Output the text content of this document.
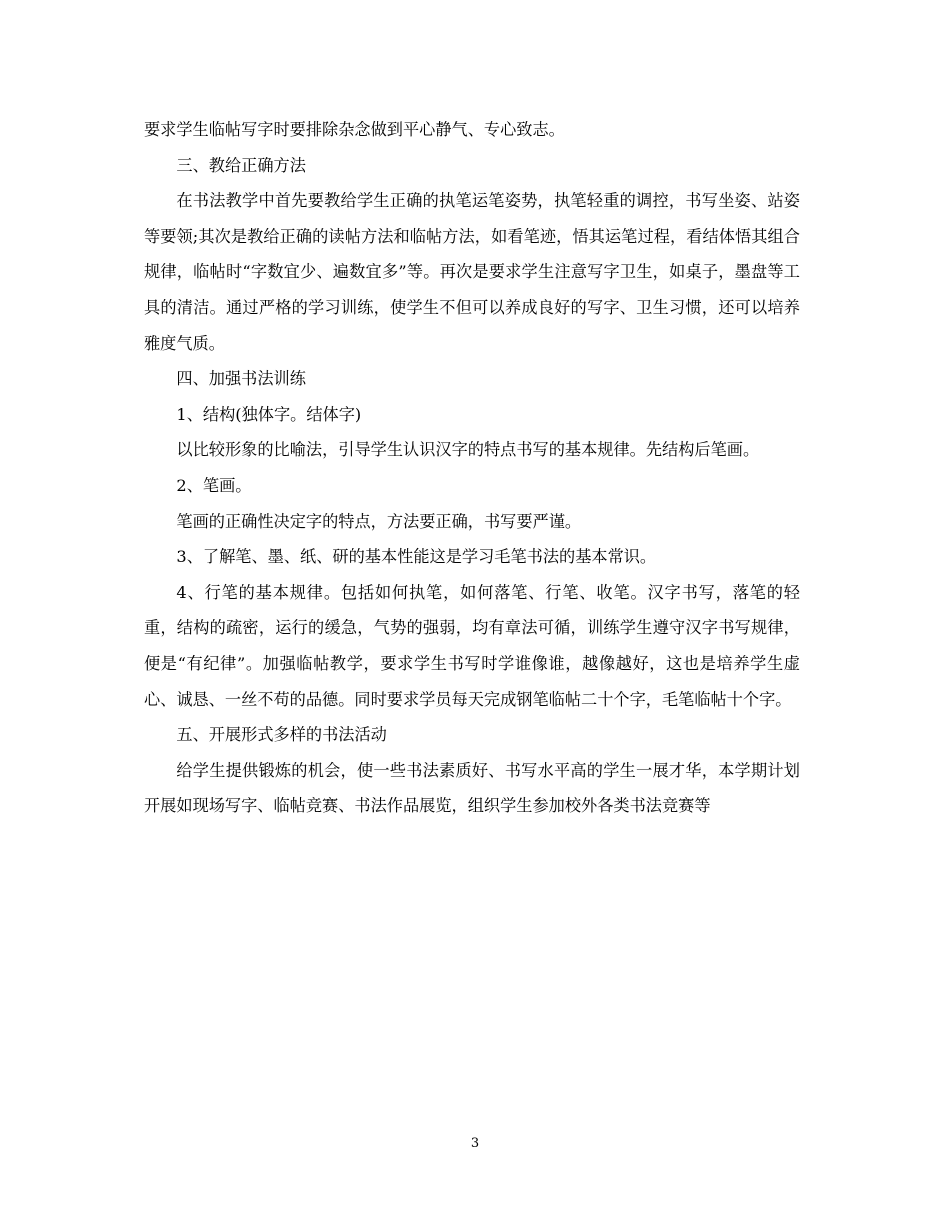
要求学生临帖写字时要排除杂念做到平心静气、专心致志。

三、教给正确方法

在书法教学中首先要教给学生正确的执笔运笔姿势，执笔轻重的调控，书写坐姿、站姿等要领;其次是教给正确的读帖方法和临帖方法，如看笔迹，悟其运笔过程，看结体悟其组合规律，临帖时“字数宜少、遍数宜多”等。再次是要求学生注意写字卫生，如桌子，墨盘等工具的清洁。通过严格的学习训练，使学生不但可以养成良好的写字、卫生习惯，还可以培养雅度气质。

四、加强书法训练

1、结构(独体字。结体字)

以比较形象的比喻法，引导学生认识汉字的特点书写的基本规律。先结构后笔画。

2、笔画。

笔画的正确性决定字的特点，方法要正确，书写要严谨。

3、了解笔、墨、纸、研的基本性能这是学习毛笔书法的基本常识。

4、行笔的基本规律。包括如何执笔，如何落笔、行笔、收笔。汉字书写，落笔的轻重，结构的疏密，运行的缓急，气势的强弱，均有章法可循，训练学生遵守汉字书写规律，便是“有纪律”。加强临帖教学，要求学生书写时学谁像谁，越像越好，这也是培养学生虚心、诚恳、一丝不苟的品德。同时要求学员每天完成钢笔临帖二十个字，毛笔临帖十个字。

五、开展形式多样的书法活动

给学生提供锻炼的机会，使一些书法素质好、书写水平高的学生一展才华，本学期计划开展如现场写字、临帖竞赛、书法作品展览，组织学生参加校外各类书法竞赛等

3
